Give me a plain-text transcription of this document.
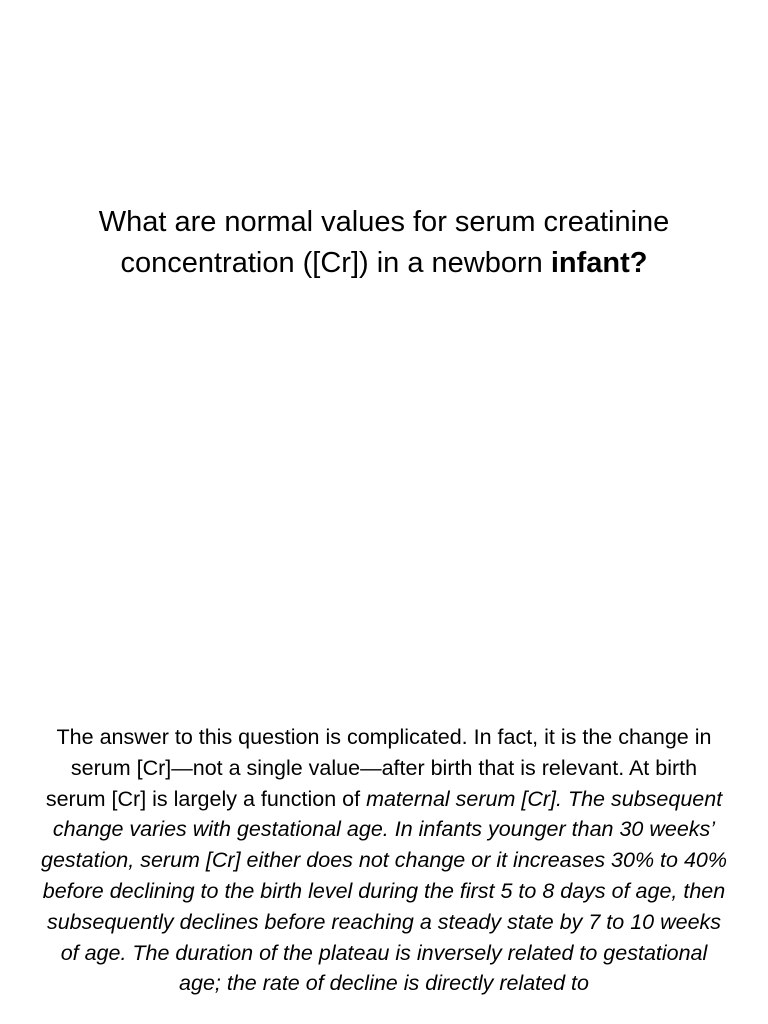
What are normal values for serum creatinine concentration ([Cr]) in a newborn infant?

The answer to this question is complicated. In fact, it is the change in serum [Cr]—not a single value—after birth that is relevant. At birth serum [Cr] is largely a function of maternal serum [Cr]. The subsequent change varies with gestational age. In infants younger than 30 weeks’ gestation, serum [Cr] either does not change or it increases 30% to 40% before declining to the birth level during the first 5 to 8 days of age, then subsequently declines before reaching a steady state by 7 to 10 weeks of age. The duration of the plateau is inversely related to gestational age; the rate of decline is directly related to
